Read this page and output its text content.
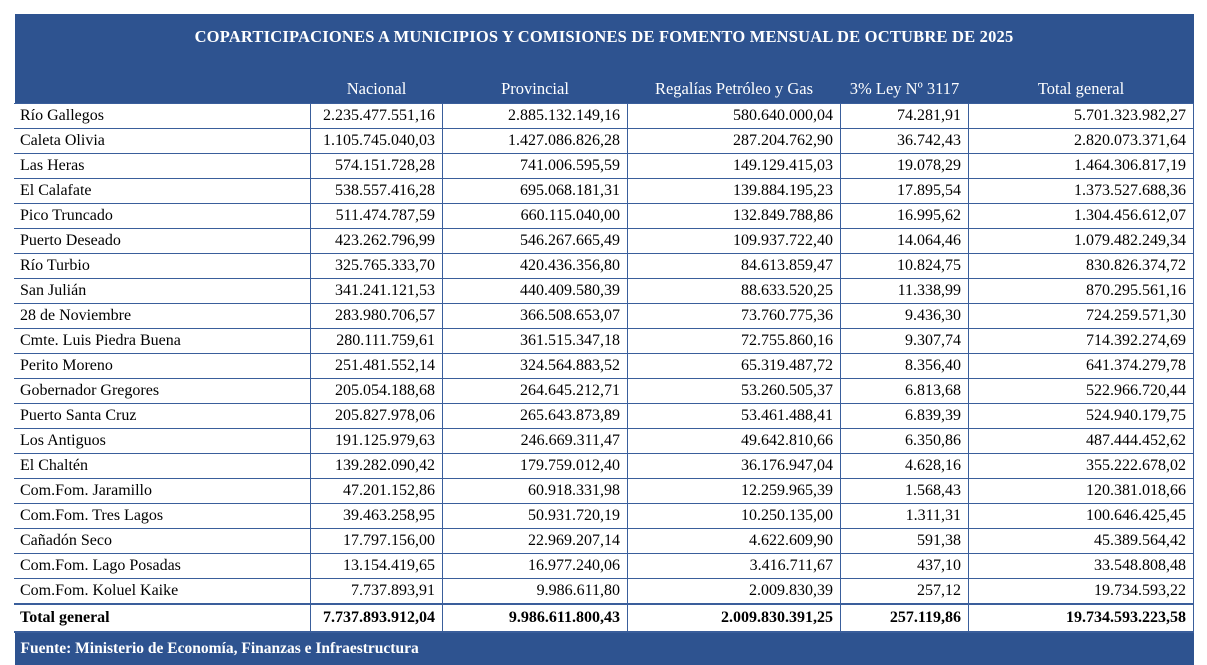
COPARTICIPACIONES A MUNICIPIOS Y COMISIONES DE FOMENTO MENSUAL DE OCTUBRE DE 2025					
	Nacional	Provincial	Regalías Petróleo y Gas	3% Ley Nº 3117	Total general
Río Gallegos	2.235.477.551,16	2.885.132.149,16	580.640.000,04	74.281,91	5.701.323.982,27
Caleta Olivia	1.105.745.040,03	1.427.086.826,28	287.204.762,90	36.742,43	2.820.073.371,64
Las Heras	574.151.728,28	741.006.595,59	149.129.415,03	19.078,29	1.464.306.817,19
El Calafate	538.557.416,28	695.068.181,31	139.884.195,23	17.895,54	1.373.527.688,36
Pico Truncado	511.474.787,59	660.115.040,00	132.849.788,86	16.995,62	1.304.456.612,07
Puerto Deseado	423.262.796,99	546.267.665,49	109.937.722,40	14.064,46	1.079.482.249,34
Río Turbio	325.765.333,70	420.436.356,80	84.613.859,47	10.824,75	830.826.374,72
San Julián	341.241.121,53	440.409.580,39	88.633.520,25	11.338,99	870.295.561,16
28 de Noviembre	283.980.706,57	366.508.653,07	73.760.775,36	9.436,30	724.259.571,30
Cmte. Luis Piedra Buena	280.111.759,61	361.515.347,18	72.755.860,16	9.307,74	714.392.274,69
Perito Moreno	251.481.552,14	324.564.883,52	65.319.487,72	8.356,40	641.374.279,78
Gobernador Gregores	205.054.188,68	264.645.212,71	53.260.505,37	6.813,68	522.966.720,44
Puerto Santa Cruz	205.827.978,06	265.643.873,89	53.461.488,41	6.839,39	524.940.179,75
Los Antiguos	191.125.979,63	246.669.311,47	49.642.810,66	6.350,86	487.444.452,62
El Chaltén	139.282.090,42	179.759.012,40	36.176.947,04	4.628,16	355.222.678,02
Com.Fom. Jaramillo	47.201.152,86	60.918.331,98	12.259.965,39	1.568,43	120.381.018,66
Com.Fom. Tres Lagos	39.463.258,95	50.931.720,19	10.250.135,00	1.311,31	100.646.425,45
Cañadón Seco	17.797.156,00	22.969.207,14	4.622.609,90	591,38	45.389.564,42
Com.Fom. Lago Posadas	13.154.419,65	16.977.240,06	3.416.711,67	437,10	33.548.808,48
Com.Fom. Koluel Kaike	7.737.893,91	9.986.611,80	2.009.830,39	257,12	19.734.593,22
Total general	7.737.893.912,04	9.986.611.800,43	2.009.830.391,25	257.119,86	19.734.593.223,58
Fuente: Ministerio de Economía, Finanzas e Infraestructura					
